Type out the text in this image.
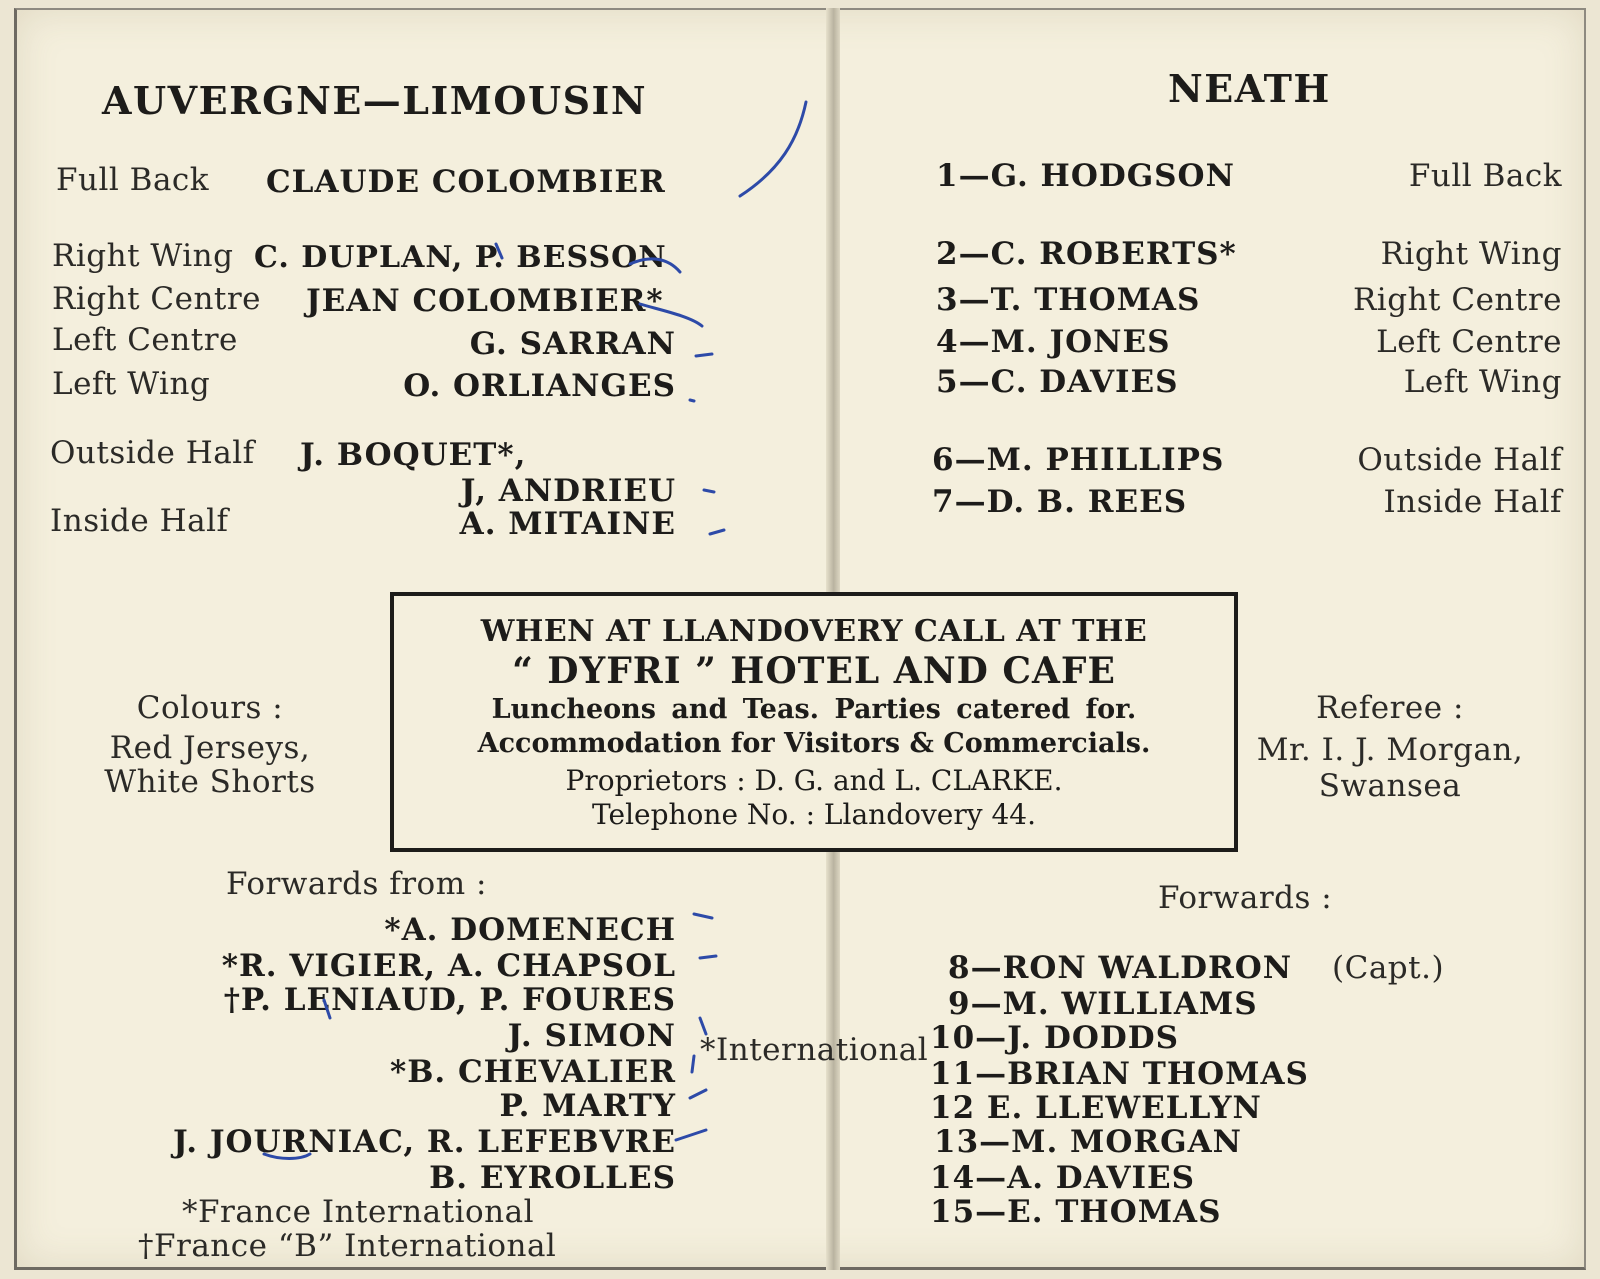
AUVERGNE—LIMOUSIN
Full Back CLAUDE COLOMBIER
Right Wing C. DUPLAN, P. BESSON
Right Centre JEAN COLOMBIER*
Left Centre	G. SARRAN
Left Wing	O. ORLIANGES
Outside Half J. BOQUET*,
J, ANDRIEU
Inside Half	A. MITAINE
NEATH
1—G. HODGSON	Full Back
2—C. ROBERTS*	Right Wing
3—T. THOMAS	Right Centre
4—M. JONES	Left Centre
5—C. DAVIES	Left Wing
6—M. PHILLIPS	Outside Half
7—D. B. REES	Inside Half
WHEN AT LLANDOVERY CALL AT THE
“ DYFRI ” HOTEL AND CAFE
Luncheons and Teas. Parties catered for.
Accommodation for Visitors & Commercials.
Proprietors : D. G. and L. CLARKE.
Telephone No. : Llandovery 44.
Colours :
Red Jerseys,
White Shorts
Referee :
Mr. I. J. Morgan,
Swansea
Forwards from :
*A. DOMENECH
*R. VIGIER, A. CHAPSOL
†P. LENIAUD, P. FOURES
J. SIMON
*B. CHEVALIER
P. MARTY
J. JOURNIAC, R. LEFEBVRE
B. EYROLLES
*France International
†France “B” International
*International
Forwards :
8—RON WALDRON (Capt.)
9—M. WILLIAMS
10—J. DODDS
11—BRIAN THOMAS
12 E. LLEWELLYN
13—M. MORGAN
14—A. DAVIES
15—E. THOMAS
